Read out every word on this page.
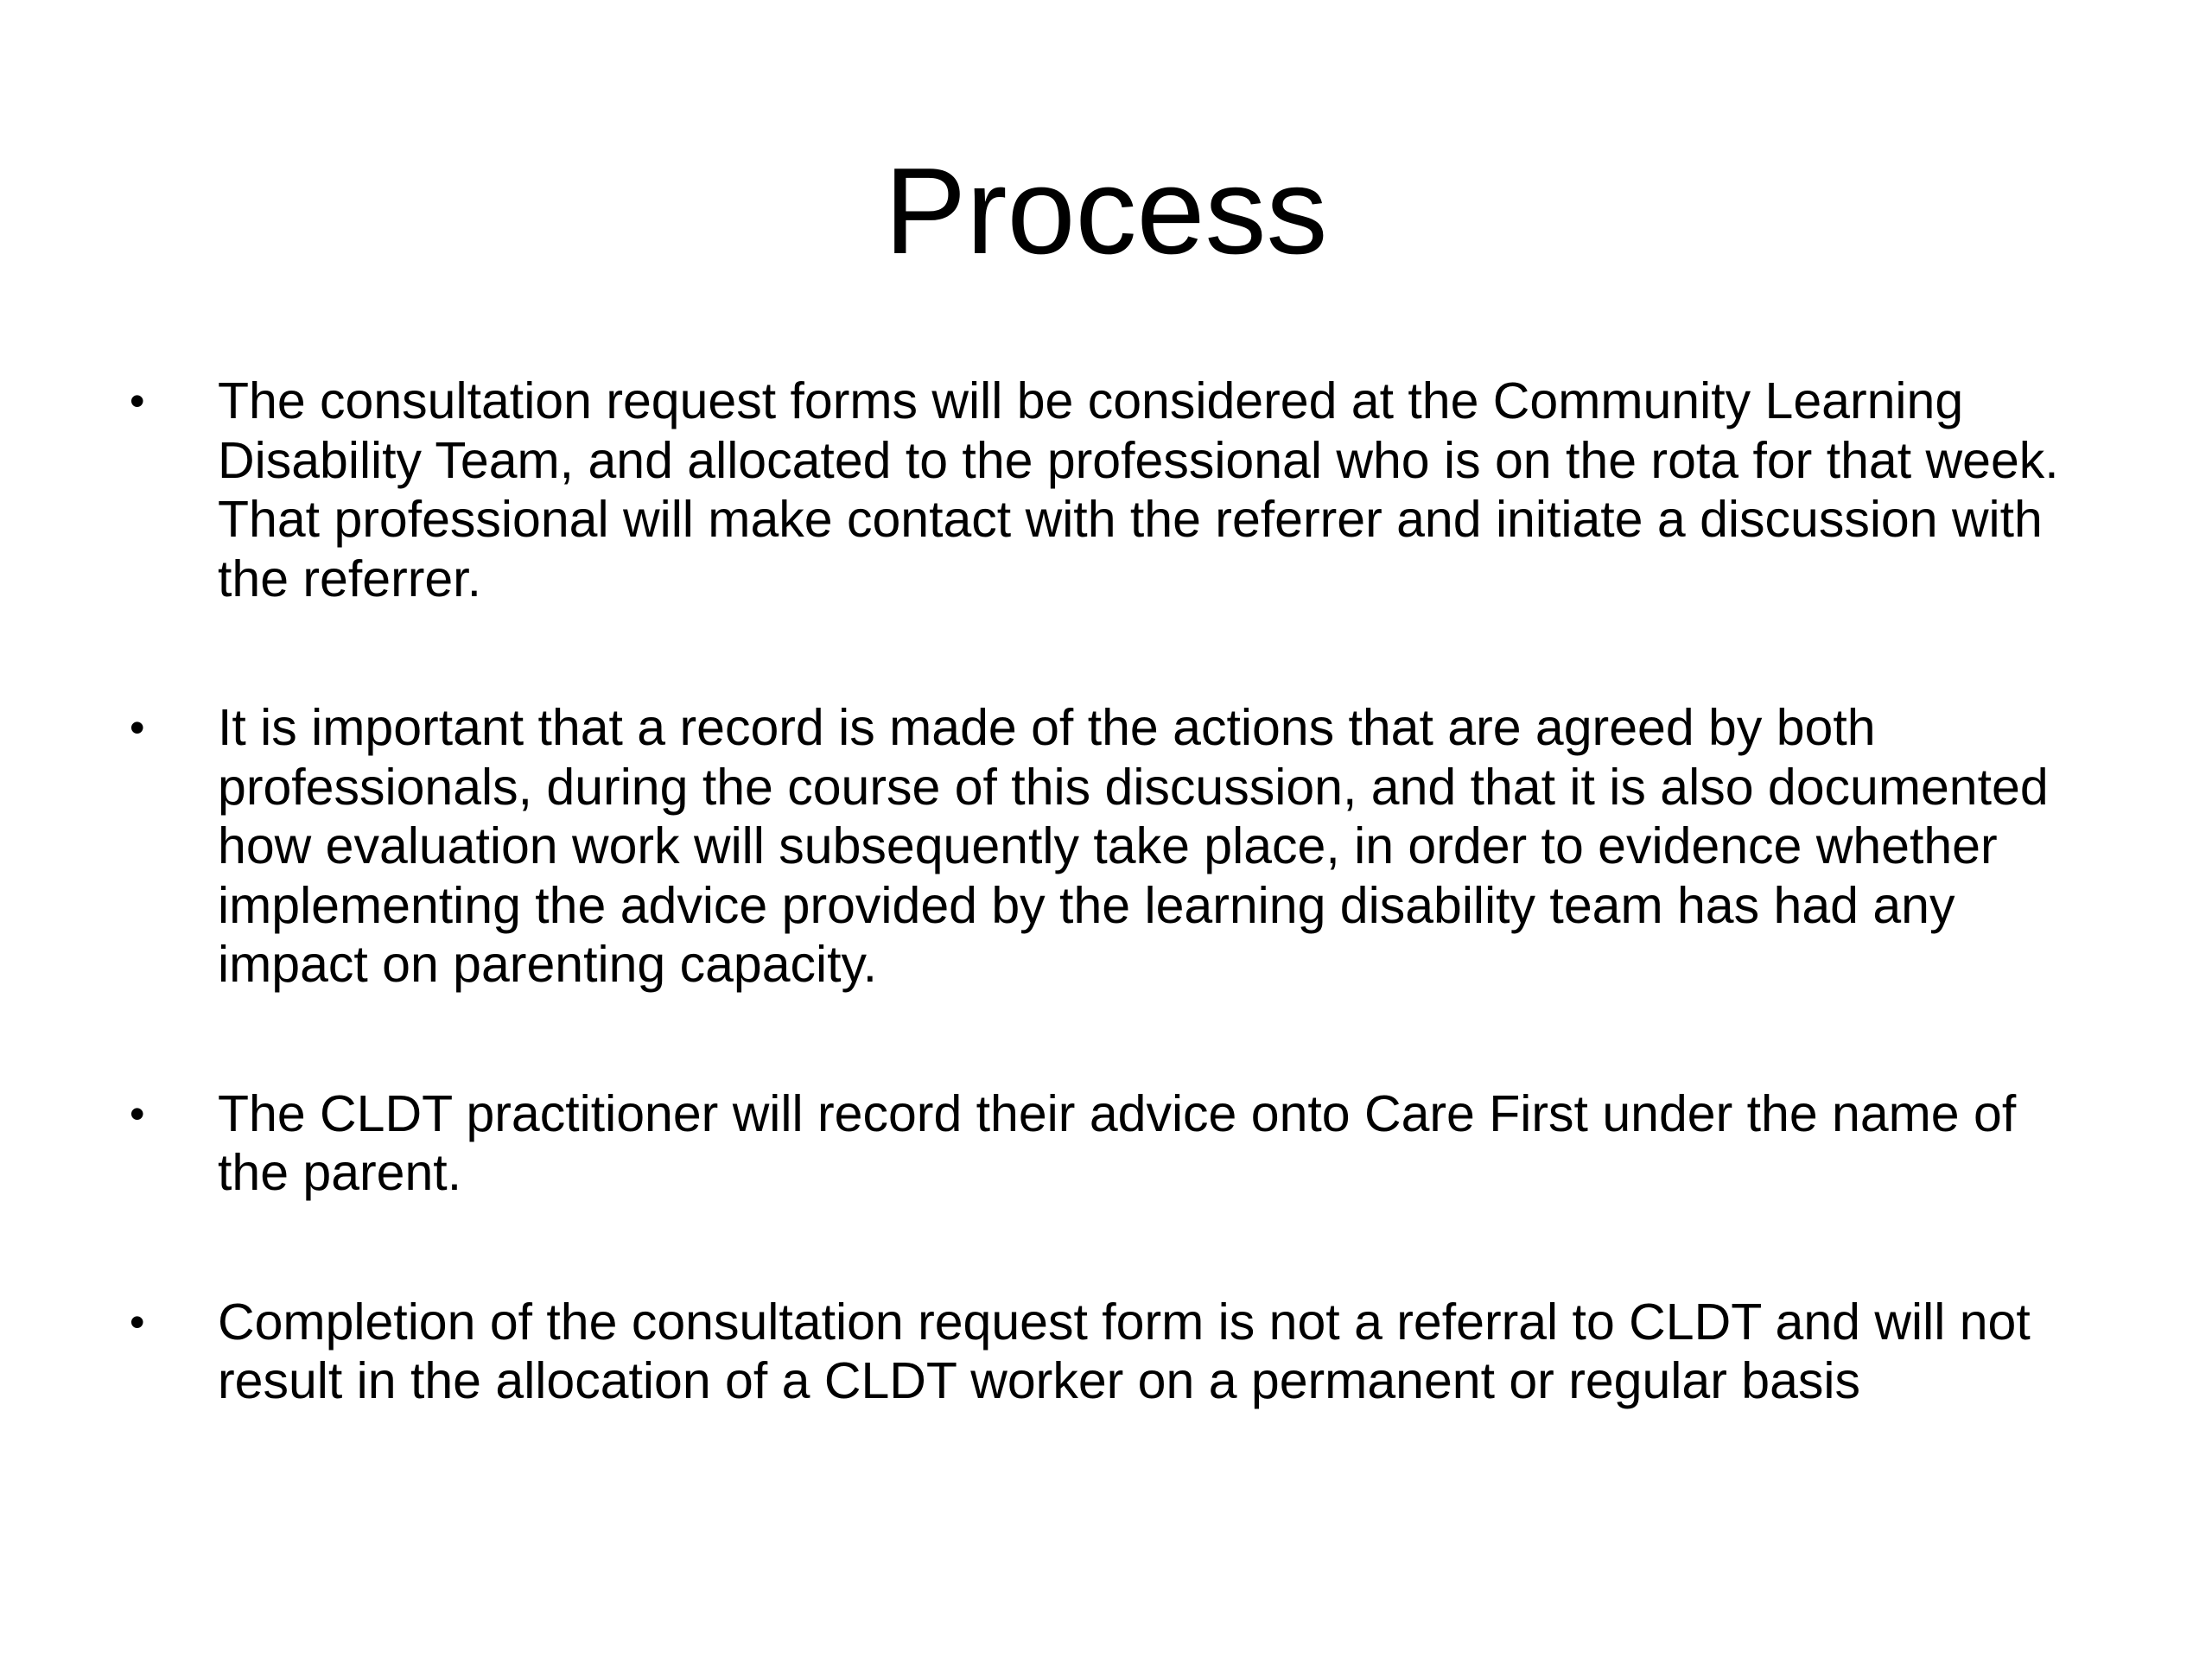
Process
•	The consultation request forms will be considered at the Community Learning Disability Team, and allocated to the professional who is on the rota for that week. That professional will make contact with the referrer and initiate a discussion with the referrer.
•	It is important that a record is made of the actions that are agreed by both professionals, during the course of this discussion, and that it is also documented how evaluation work will subsequently take place, in order to evidence whether implementing the advice provided by the learning disability team has had any impact on parenting capacity.
•	The CLDT practitioner will record their advice onto Care First under the name of the parent.
•	Completion of the consultation request form is not a referral to CLDT and will not result in the allocation of a CLDT worker on a permanent or regular basis
